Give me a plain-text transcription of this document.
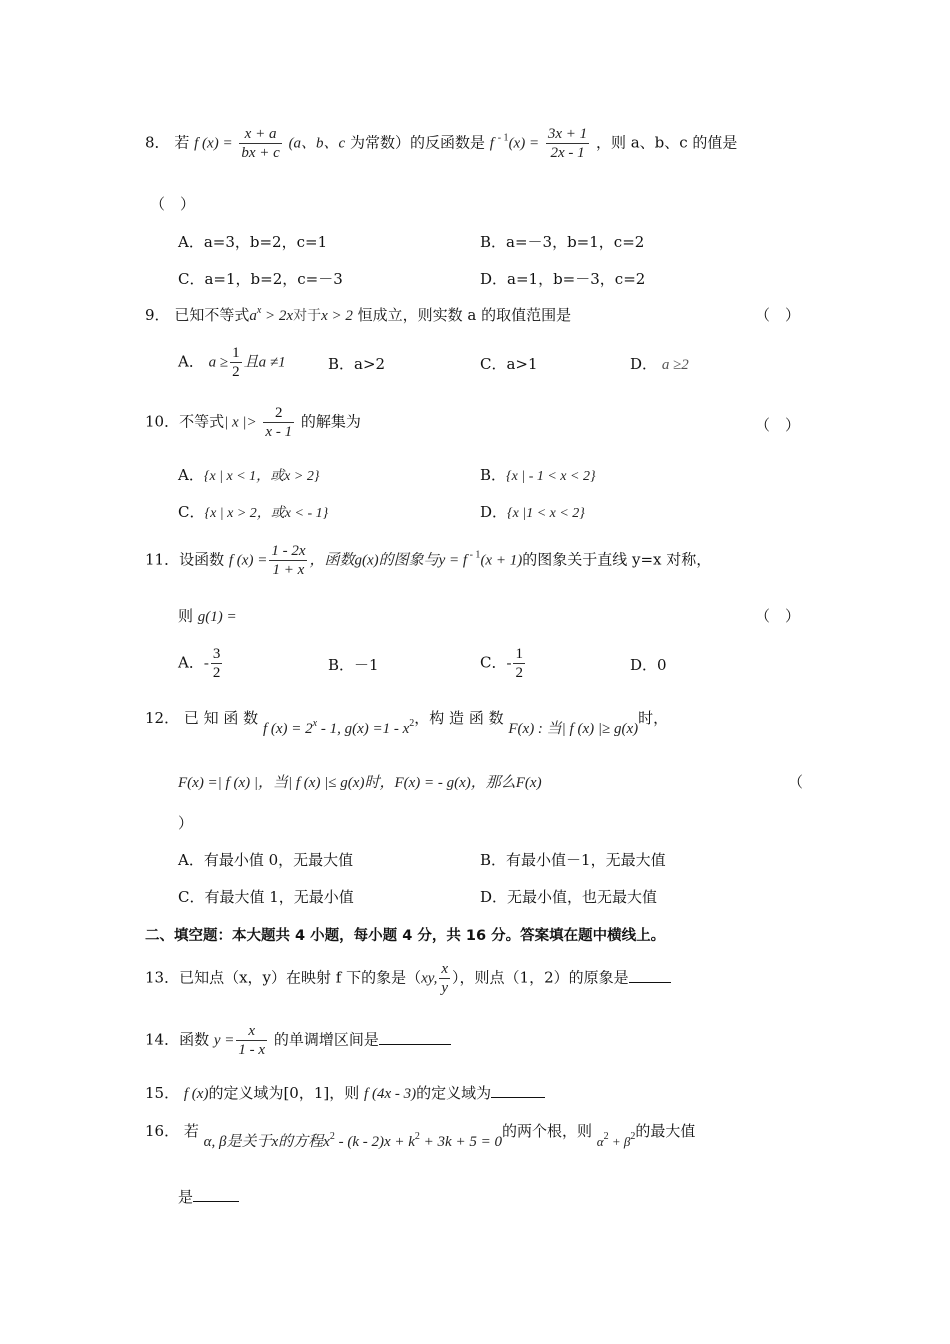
8． 若 f $(x) = \frac{x + a}{bx + c} (a$、b、c 为常数）的反函数是 f $^{- 1}(x) = \frac{3x + 1}{2x - 1}$ ，则 a、b、c 的值是
（　）
A．a=3，b=2，c=1	B．a=－3，b=1，c=2
C．a=1，b=2，c=－3	D．a=1，b=－3，c=2
9． 已知不等式$a^x > 2x$对于x > 2 恒成立，则实数 a 的取值范围是	（　）
A． $a \ge \frac{1}{2}$ 且a ≠1	B．a>2	C．a>1	D． a ≥2
10．不等式| x |> $\frac{2}{x - 1}$ 的解集为	（　）
A．{x | x < 1，或x > 2}	B．{x | - 1 < x < 2}
C．{x | x > 2，或x < - 1}	D．{x |1 < x < 2}
11．设函数 f $(x) = \frac{1 - 2x}{1 + x}$ ，函数g(x)的图象与y = f $^{- 1}$(x + 1)的图象关于直线 y=x 对称，
则 g(1) =	（　）
A．- $\frac{3}{2}$	B．－1	C．- $\frac{1}{2}$	D．0
12． 已 知 函 数 f $(x) = 2^x - 1$, $g(x) =1 - x^2$，构 造 函 数 F(x) : 当| f (x) |≥ g(x)时，
F(x) =| f (x) |，当| f (x) |≤ g(x)时，F(x) = - g(x)，那么F(x)	（
）
A．有最小值 0，无最大值	B．有最小值－1，无最大值
C．有最大值 1，无最小值	D．无最小值，也无最大值
二、填空题：本大题共 4 小题，每小题 4 分，共 16 分。答案填在题中横线上。
13．已知点（x，y）在映射 f 下的象是（xy, $\frac{x}{y}$ ），则点（1，2）的原象是
14．函数 $y = \frac{x}{1 - x}$ 的单调增区间是
15． f (x)的定义域为[0，1]，则 f (4x - 3)的定义域为
16． 若 α, β是关于x的方程$x^2 - (k - 2)x + k^2 + 3k + 5 = 0$的两个根，则 $\alpha^2 + \beta^2$的最大值
是
